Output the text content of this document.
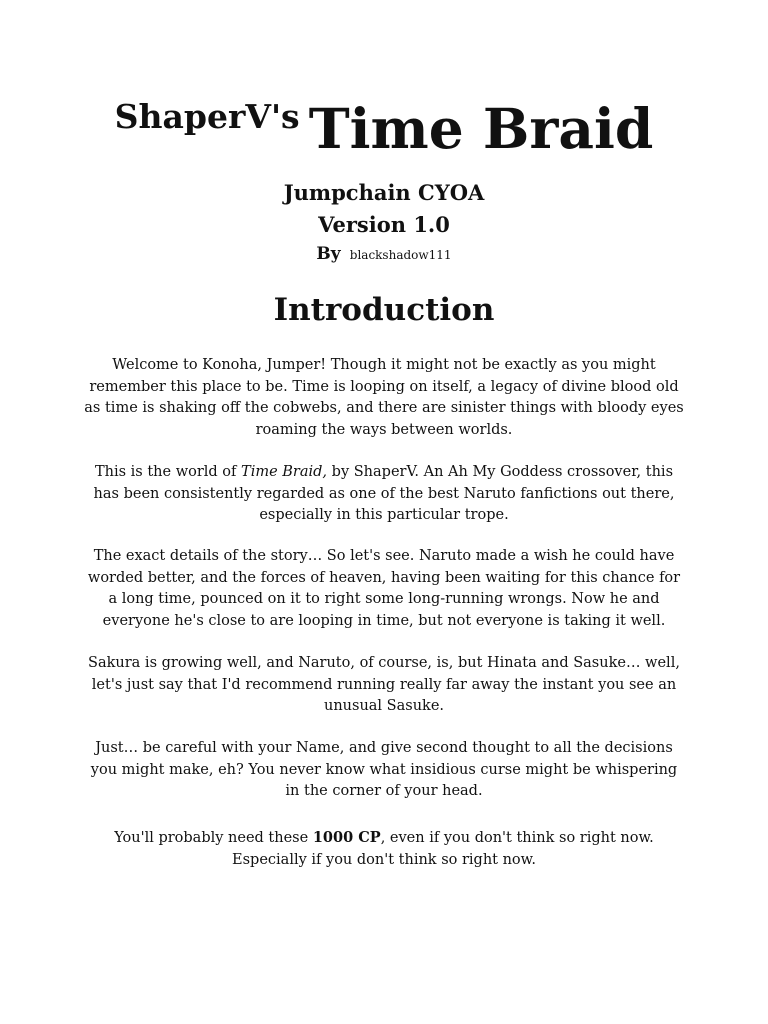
ShaperV's Time Braid
Jumpchain CYOA
Version 1.0
By blackshadow111
Introduction

Welcome to Konoha, Jumper! Though it might not be exactly as you might remember this place to be. Time is looping on itself, a legacy of divine blood old as time is shaking off the cobwebs, and there are sinister things with bloody eyes roaming the ways between worlds.

This is the world of Time Braid, by ShaperV. An Ah My Goddess crossover, this has been consistently regarded as one of the best Naruto fanfictions out there, especially in this particular trope.

The exact details of the story… So let's see. Naruto made a wish he could have worded better, and the forces of heaven, having been waiting for this chance for a long time, pounced on it to right some long-running wrongs. Now he and everyone he's close to are looping in time, but not everyone is taking it well.

Sakura is growing well, and Naruto, of course, is, but Hinata and Sasuke… well, let's just say that I'd recommend running really far away the instant you see an unusual Sasuke.

Just… be careful with your Name, and give second thought to all the decisions you might make, eh? You never know what insidious curse might be whispering in the corner of your head.

You'll probably need these 1000 CP, even if you don't think so right now. Especially if you don't think so right now.
